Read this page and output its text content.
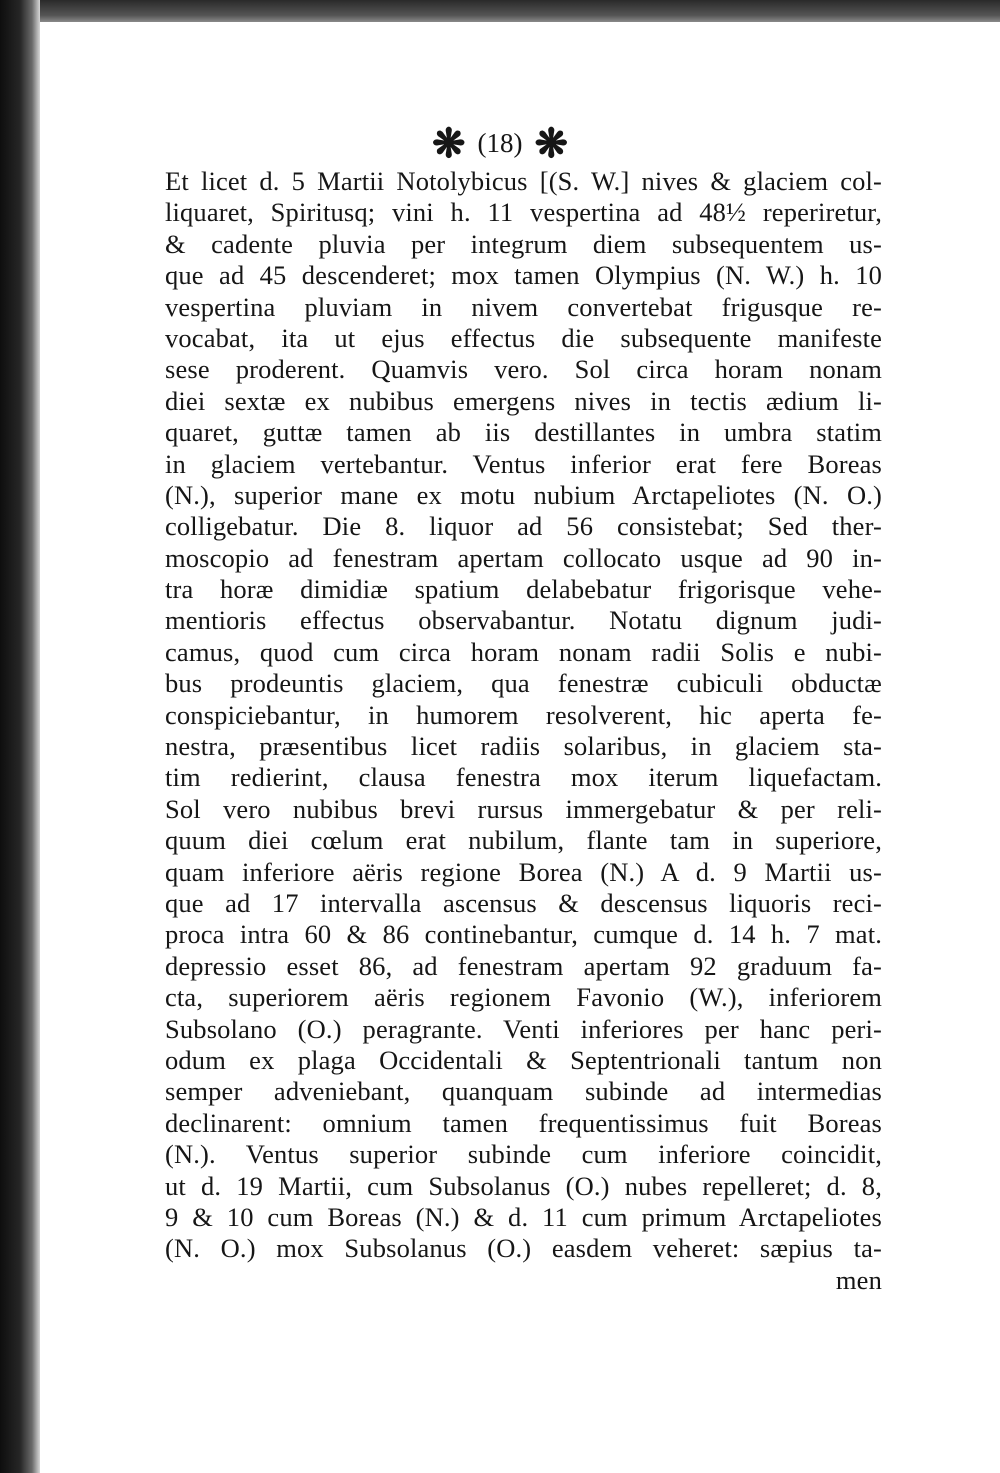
❋ (18) ❋
Et licet d. 5 Martii Notolybicus [(S. W.] nives & glaciem col-
liquaret, Spiritusq; vini h. 11 vespertina ad 48½ reperiretur,
& cadente pluvia per integrum diem subsequentem us-
que ad 45 descenderet; mox tamen Olympius (N. W.) h. 10
vespertina pluviam in nivem convertebat frigusque re-
vocabat, ita ut ejus effectus die subsequente manifeste
sese proderent. Quamvis vero. Sol circa horam nonam
diei sextæ ex nubibus emergens nives in tectis ædium li-
quaret, guttæ tamen ab iis destillantes in umbra statim
in glaciem vertebantur. Ventus inferior erat fere Boreas
(N.), superior mane ex motu nubium Arctapeliotes (N. O.)
colligebatur. Die 8. liquor ad 56 consistebat; Sed ther-
moscopio ad fenestram apertam collocato usque ad 90 in-
tra horæ dimidiæ spatium delabebatur frigorisque vehe-
mentioris effectus observabantur. Notatu dignum judi-
camus, quod cum circa horam nonam radii Solis e nubi-
bus prodeuntis glaciem, qua fenestræ cubiculi obductæ
conspiciebantur, in humorem resolverent, hic aperta fe-
nestra, præsentibus licet radiis solaribus, in glaciem sta-
tim redierint, clausa fenestra mox iterum liquefactam.
Sol vero nubibus brevi rursus immergebatur & per reli-
quum diei cœlum erat nubilum, flante tam in superiore,
quam inferiore aëris regione Borea (N.) A d. 9 Martii us-
que ad 17 intervalla ascensus & descensus liquoris reci-
proca intra 60 & 86 continebantur, cumque d. 14 h. 7 mat.
depressio esset 86, ad fenestram apertam 92 graduum fa-
cta, superiorem aëris regionem Favonio (W.), inferiorem
Subsolano (O.) peragrante. Venti inferiores per hanc peri-
odum ex plaga Occidentali & Septentrionali tantum non
semper adveniebant, quanquam subinde ad intermedias
declinarent: omnium tamen frequentissimus fuit Boreas
(N.). Ventus superior subinde cum inferiore coincidit,
ut d. 19 Martii, cum Subsolanus (O.) nubes repelleret; d. 8,
9 & 10 cum Boreas (N.) & d. 11 cum primum Arctapeliotes
(N. O.) mox Subsolanus (O.) easdem veheret: sæpius ta-
men
